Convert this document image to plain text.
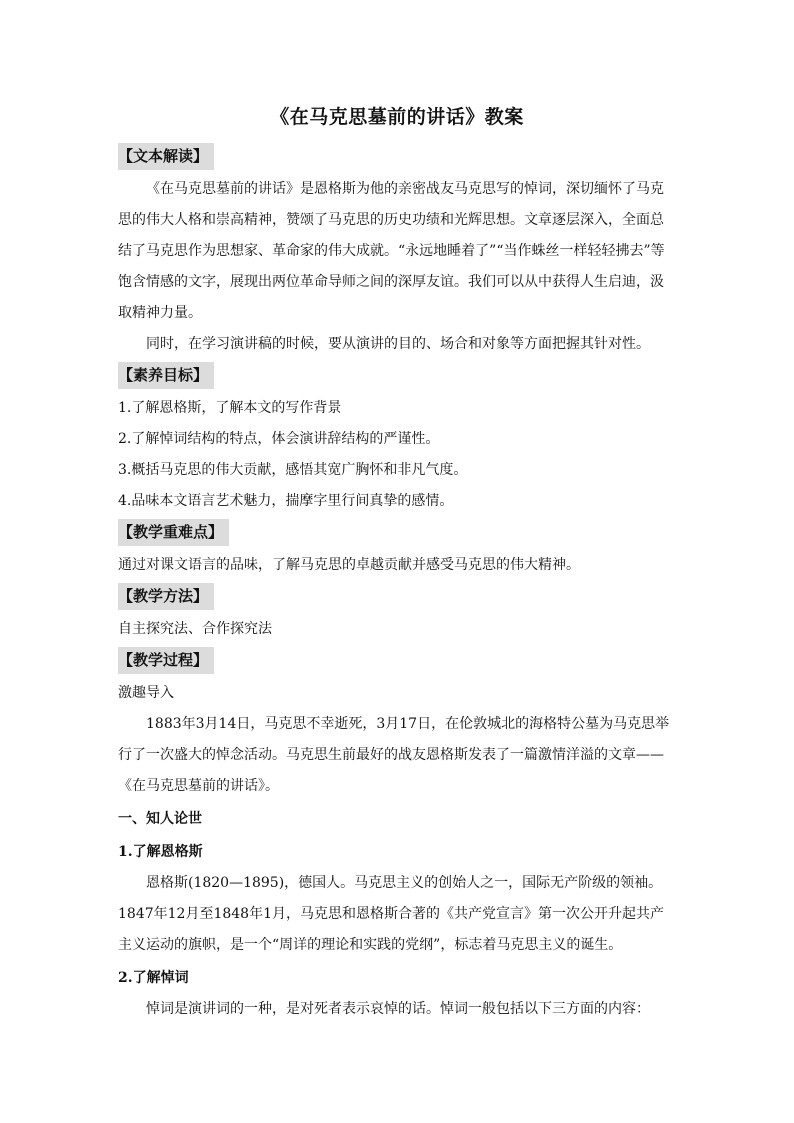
《在马克思墓前的讲话》教案
【文本解读】

《在马克思墓前的讲话》是恩格斯为他的亲密战友马克思写的悼词，深切缅怀了马克思的伟大人格和崇高精神，赞颂了马克思的历史功绩和光辉思想。文章逐层深入，全面总结了马克思作为思想家、革命家的伟大成就。“永远地睡着了”“当作蛛丝一样轻轻拂去”等饱含情感的文字，展现出两位革命导师之间的深厚友谊。我们可以从中获得人生启迪，汲取精神力量。

同时，在学习演讲稿的时候，要从演讲的目的、场合和对象等方面把握其针对性。

【素养目标】
1.了解恩格斯，了解本文的写作背景
2.了解悼词结构的特点，体会演讲辞结构的严谨性。
3.概括马克思的伟大贡献，感悟其宽广胸怀和非凡气度。
4.品味本文语言艺术魅力，揣摩字里行间真挚的感情。
【教学重难点】

通过对课文语言的品味，了解马克思的卓越贡献并感受马克思的伟大精神。

【教学方法】

自主探究法、合作探究法

【教学过程】

激趣导入

1883年3月14日，马克思不幸逝死，3月17日，在伦敦城北的海格特公墓为马克思举行了一次盛大的悼念活动。马克思生前最好的战友恩格斯发表了一篇激情洋溢的文章——《在马克思墓前的讲话》。

一、知人论世
1.了解恩格斯

恩格斯(1820—1895)，德国人。马克思主义的创始人之一，国际无产阶级的领袖。1847年12月至1848年1月，马克思和恩格斯合著的《共产党宣言》第一次公开升起共产主义运动的旗帜，是一个“周详的理论和实践的党纲”，标志着马克思主义的诞生。

2.了解悼词

悼词是演讲词的一种，是对死者表示哀悼的话。悼词一般包括以下三方面的内容：
